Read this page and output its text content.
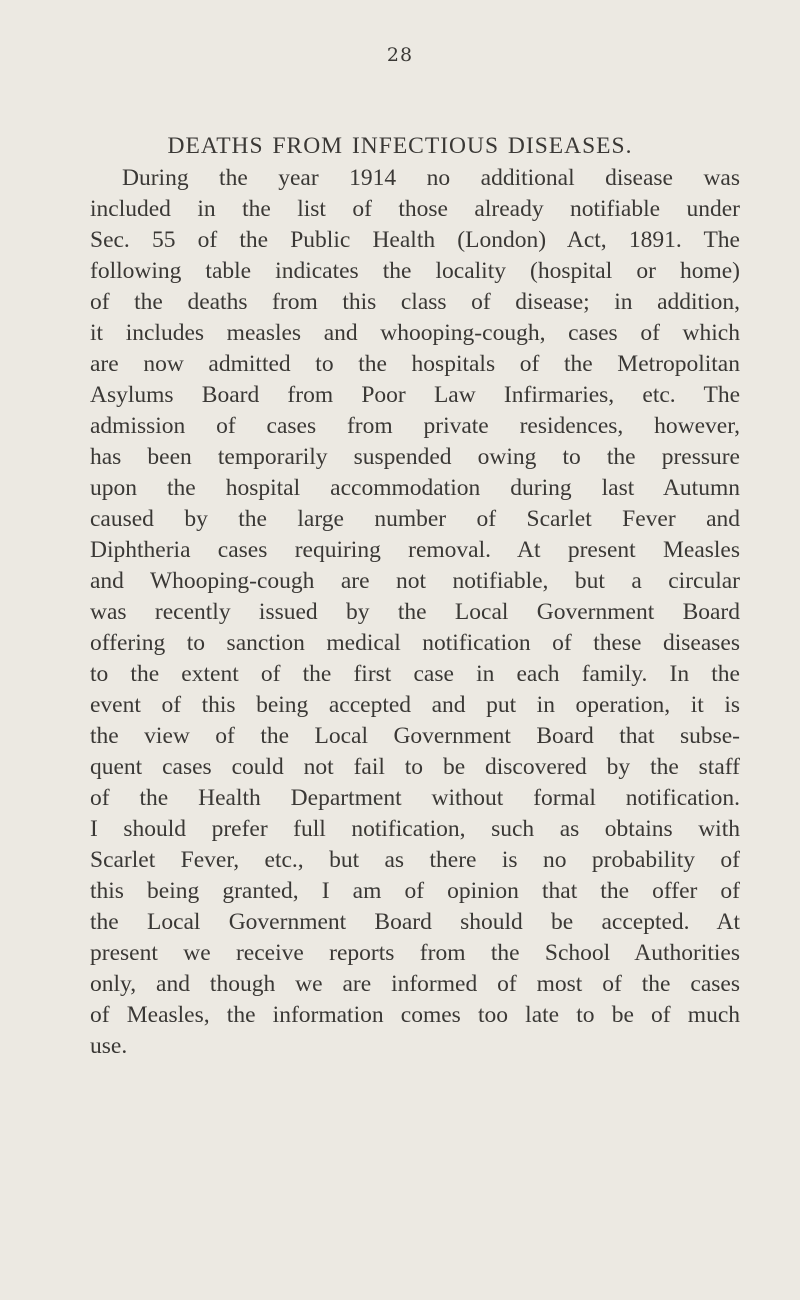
28
DEATHS FROM INFECTIOUS DISEASES.
During the year 1914 no additional disease was
included in the list of those already notifiable under
Sec. 55 of the Public Health (London) Act, 1891. The
following table indicates the locality (hospital or home)
of the deaths from this class of disease; in addition,
it includes measles and whooping-cough, cases of which
are now admitted to the hospitals of the Metropolitan
Asylums Board from Poor Law Infirmaries, etc. The
admission of cases from private residences, however,
has been temporarily suspended owing to the pressure
upon the hospital accommodation during last Autumn
caused by the large number of Scarlet Fever and
Diphtheria cases requiring removal. At present Measles
and Whooping-cough are not notifiable, but a circular
was recently issued by the Local Government Board
offering to sanction medical notification of these diseases
to the extent of the first case in each family. In the
event of this being accepted and put in operation, it is
the view of the Local Government Board that subse-
quent cases could not fail to be discovered by the staff
of the Health Department without formal notification.
I should prefer full notification, such as obtains with
Scarlet Fever, etc., but as there is no probability of
this being granted, I am of opinion that the offer of
the Local Government Board should be accepted. At
present we receive reports from the School Authorities
only, and though we are informed of most of the cases
of Measles, the information comes too late to be of much
use.
